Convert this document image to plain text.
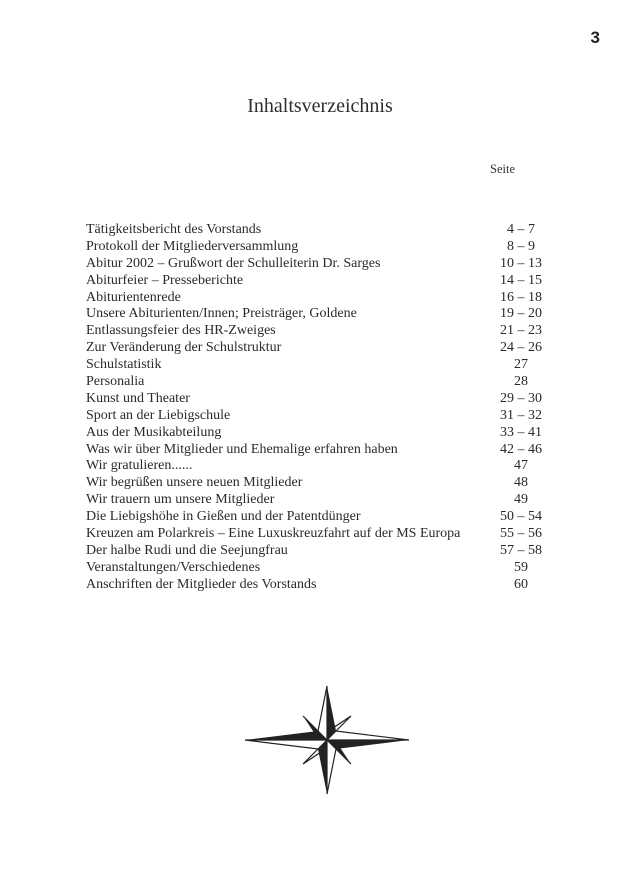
3
Inhaltsverzeichnis
Seite
Tätigkeitsbericht des Vorstands	4 – 7
Protokoll der Mitgliederversammlung	8 – 9
Abitur 2002 – Grußwort der Schulleiterin Dr. Sarges	10 – 13
Abiturfeier – Presseberichte	14 – 15
Abiturientenrede	16 – 18
Unsere Abiturienten/Innen; Preisträger, Goldene	19 – 20
Entlassungsfeier des HR-Zweiges	21 – 23
Zur Veränderung der Schulstruktur	24 – 26
Schulstatistik	27
Personalia	28
Kunst und Theater	29 – 30
Sport an der Liebigschule	31 – 32
Aus der Musikabteilung	33 – 41
Was wir über Mitglieder und Ehemalige erfahren haben	42 – 46
Wir gratulieren......	47
Wir begrüßen unsere neuen Mitglieder	48
Wir trauern um unsere Mitglieder	49
Die Liebigshöhe in Gießen und der Patentdünger	50 – 54
Kreuzen am Polarkreis – Eine Luxuskreuzfahrt auf der MS Europa	55 – 56
Der halbe Rudi und die Seejungfrau	57 – 58
Veranstaltungen/Verschiedenes	59
Anschriften der Mitglieder des Vorstands	60
